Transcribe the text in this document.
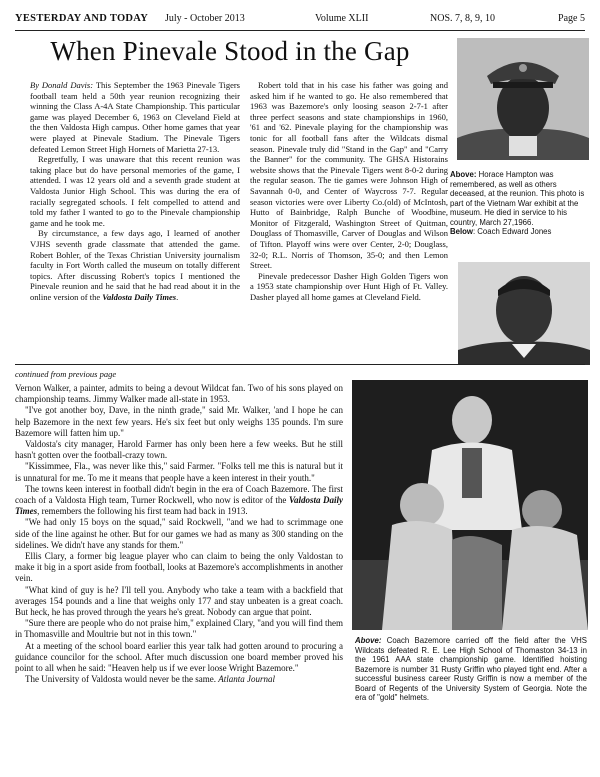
YESTERDAY AND TODAY July - October 2013	Volume XLII	NOS. 7, 8, 9, 10	Page 5
When Pinevale Stood in the Gap

By Donald Davis: This September the 1963 Pinevale Tigers football team held a 50th year reunion recognizing their winning the Class A-4A State Championship. This particular game was played December 6, 1963 on Cleveland Field at the then Valdosta High campus. Other home games that year were played at Pinevale Stadium. The Pinevale Tigers defeated Lemon Street High Hornets of Marietta 27-13.

Regretfully, I was unaware that this recent reunion was taking place but do have personal memories of the game, I attended. I was 12 years old and a seventh grade student at Valdosta Junior High School. This was during the era of racially segregated schools. I felt compelled to attend and told my father I wanted to go to the Pinevale championship game and he took me.

By circumstance, a few days ago, I learned of another VJHS seventh grade classmate that attended the game. Robert Bohler, of the Texas Christian University journalism faculty in Fort Worth called the museum on totally different topics. After discussing Robert's topics I mentioned the Pinevale reunion and he said that he had read about it in the online version of the Valdosta Daily Times.

Robert told that in his case his father was going and asked him if he wanted to go. He also remembered that 1963 was Bazemore's only loosing season 2-7-1 after three perfect seasons and state championships in 1960, '61 and '62. Pinevale playing for the championship was tonic for all football fans after the Wildcats dismal season. Pinevale truly did "Stand in the Gap" and "Carry the Banner" for the community. The GHSA Historains website shows that the Pinevale Tigers went 8-0-2 during the regular season. The tie games were Johnson High of Savannah 0-0, and Center of Waycross 7-7. Regular season victories were over Liberty Co.(old) of McIntosh, Hutto of Bainbridge, Ralph Bunche of Woodbine, Monitor of Fitzgerald, Washington Street of Quitman, Douglass of Thomasville, Carver of Douglas and Wilson of Tifton. Playoff wins were over Center, 2-0; Douglass, 32-0; R.L. Norris of Thomson, 35-0; and then Lemon Street.

Pinevale predecessor Dasher High Golden Tigers won a 1953 state championship over Hunt High of Ft. Valley. Dasher played all home games at Cleveland Field.

Above: Horace Hampton was remembered, as well as others deceased, at the reunion. This photo is part of the Vietnam War exhibit at the museum. He died in service to his country, March 27,1966.
Below: Coach Edward Jones
continued from previous page

Vernon Walker, a painter, admits to being a devout Wildcat fan. Two of his sons played on championship teams. Jimmy Walker made all-state in 1953.

"I've got another boy, Dave, in the ninth grade," said Mr. Walker, 'and I hope he can help Bazemore in the next few years. He's six feet but only weighs 135 pounds. I'm sure Bazemore will fatten him up."

Valdosta's city manager, Harold Farmer has only been here a few weeks. But he still hasn't gotten over the football-crazy town.

"Kissimmee, Fla., was never like this," said Farmer. "Folks tell me this is natural but it is unnatural for me. To me it means that people have a keen interest in their youth."

The towns keen interest in football didn't begin in the era of Coach Bazemore. The first coach of a Valdosta High team, Turner Rockwell, who now is editor of the Valdosta Daily Times, remembers the following his first team had back in 1913.

"We had only 15 boys on the squad," said Rockwell, "and we had to scrimmage one side of the line against he other. But for our games we had as many as 300 standing on the sidelines. We didn't have any stands for them."

Ellis Clary, a former big league player who can claim to being the only Valdostan to make it big in a sport aside from football, looks at Bazemore's accomplishments in another vein.

"What kind of guy is he? I'll tell you. Anybody who take a team with a backfield that averages 154 pounds and a line that weighs only 177 and stay unbeaten is a great coach. But heck, he has proved through the years he's great. Nobody can argue that point.

"Sure there are people who do not praise him," explained Clary, "and you will find them in Thomasville and Moultrie but not in this town."

At a meeting of the school board earlier this year talk had gotten around to procuring a guidance councilor for the school. After much discussion one board member proved his point to all when he said: "Heaven help us if we ever loose Wright Bazemore."

The University of Valdosta would never be the same. Atlanta Journal

Above: Coach Bazemore carried off the field after the VHS Wildcats defeated R. E. Lee High School of Thomaston 34-13 in the 1961 AAA state championship game. Identified hoisting Bazemore is number 31 Rusty Griffin who played tight end. After a successful business career Rusty Griffin is now a member of the Board of Regents of the University System of Georgia. Note the era of "gold" helmets.
